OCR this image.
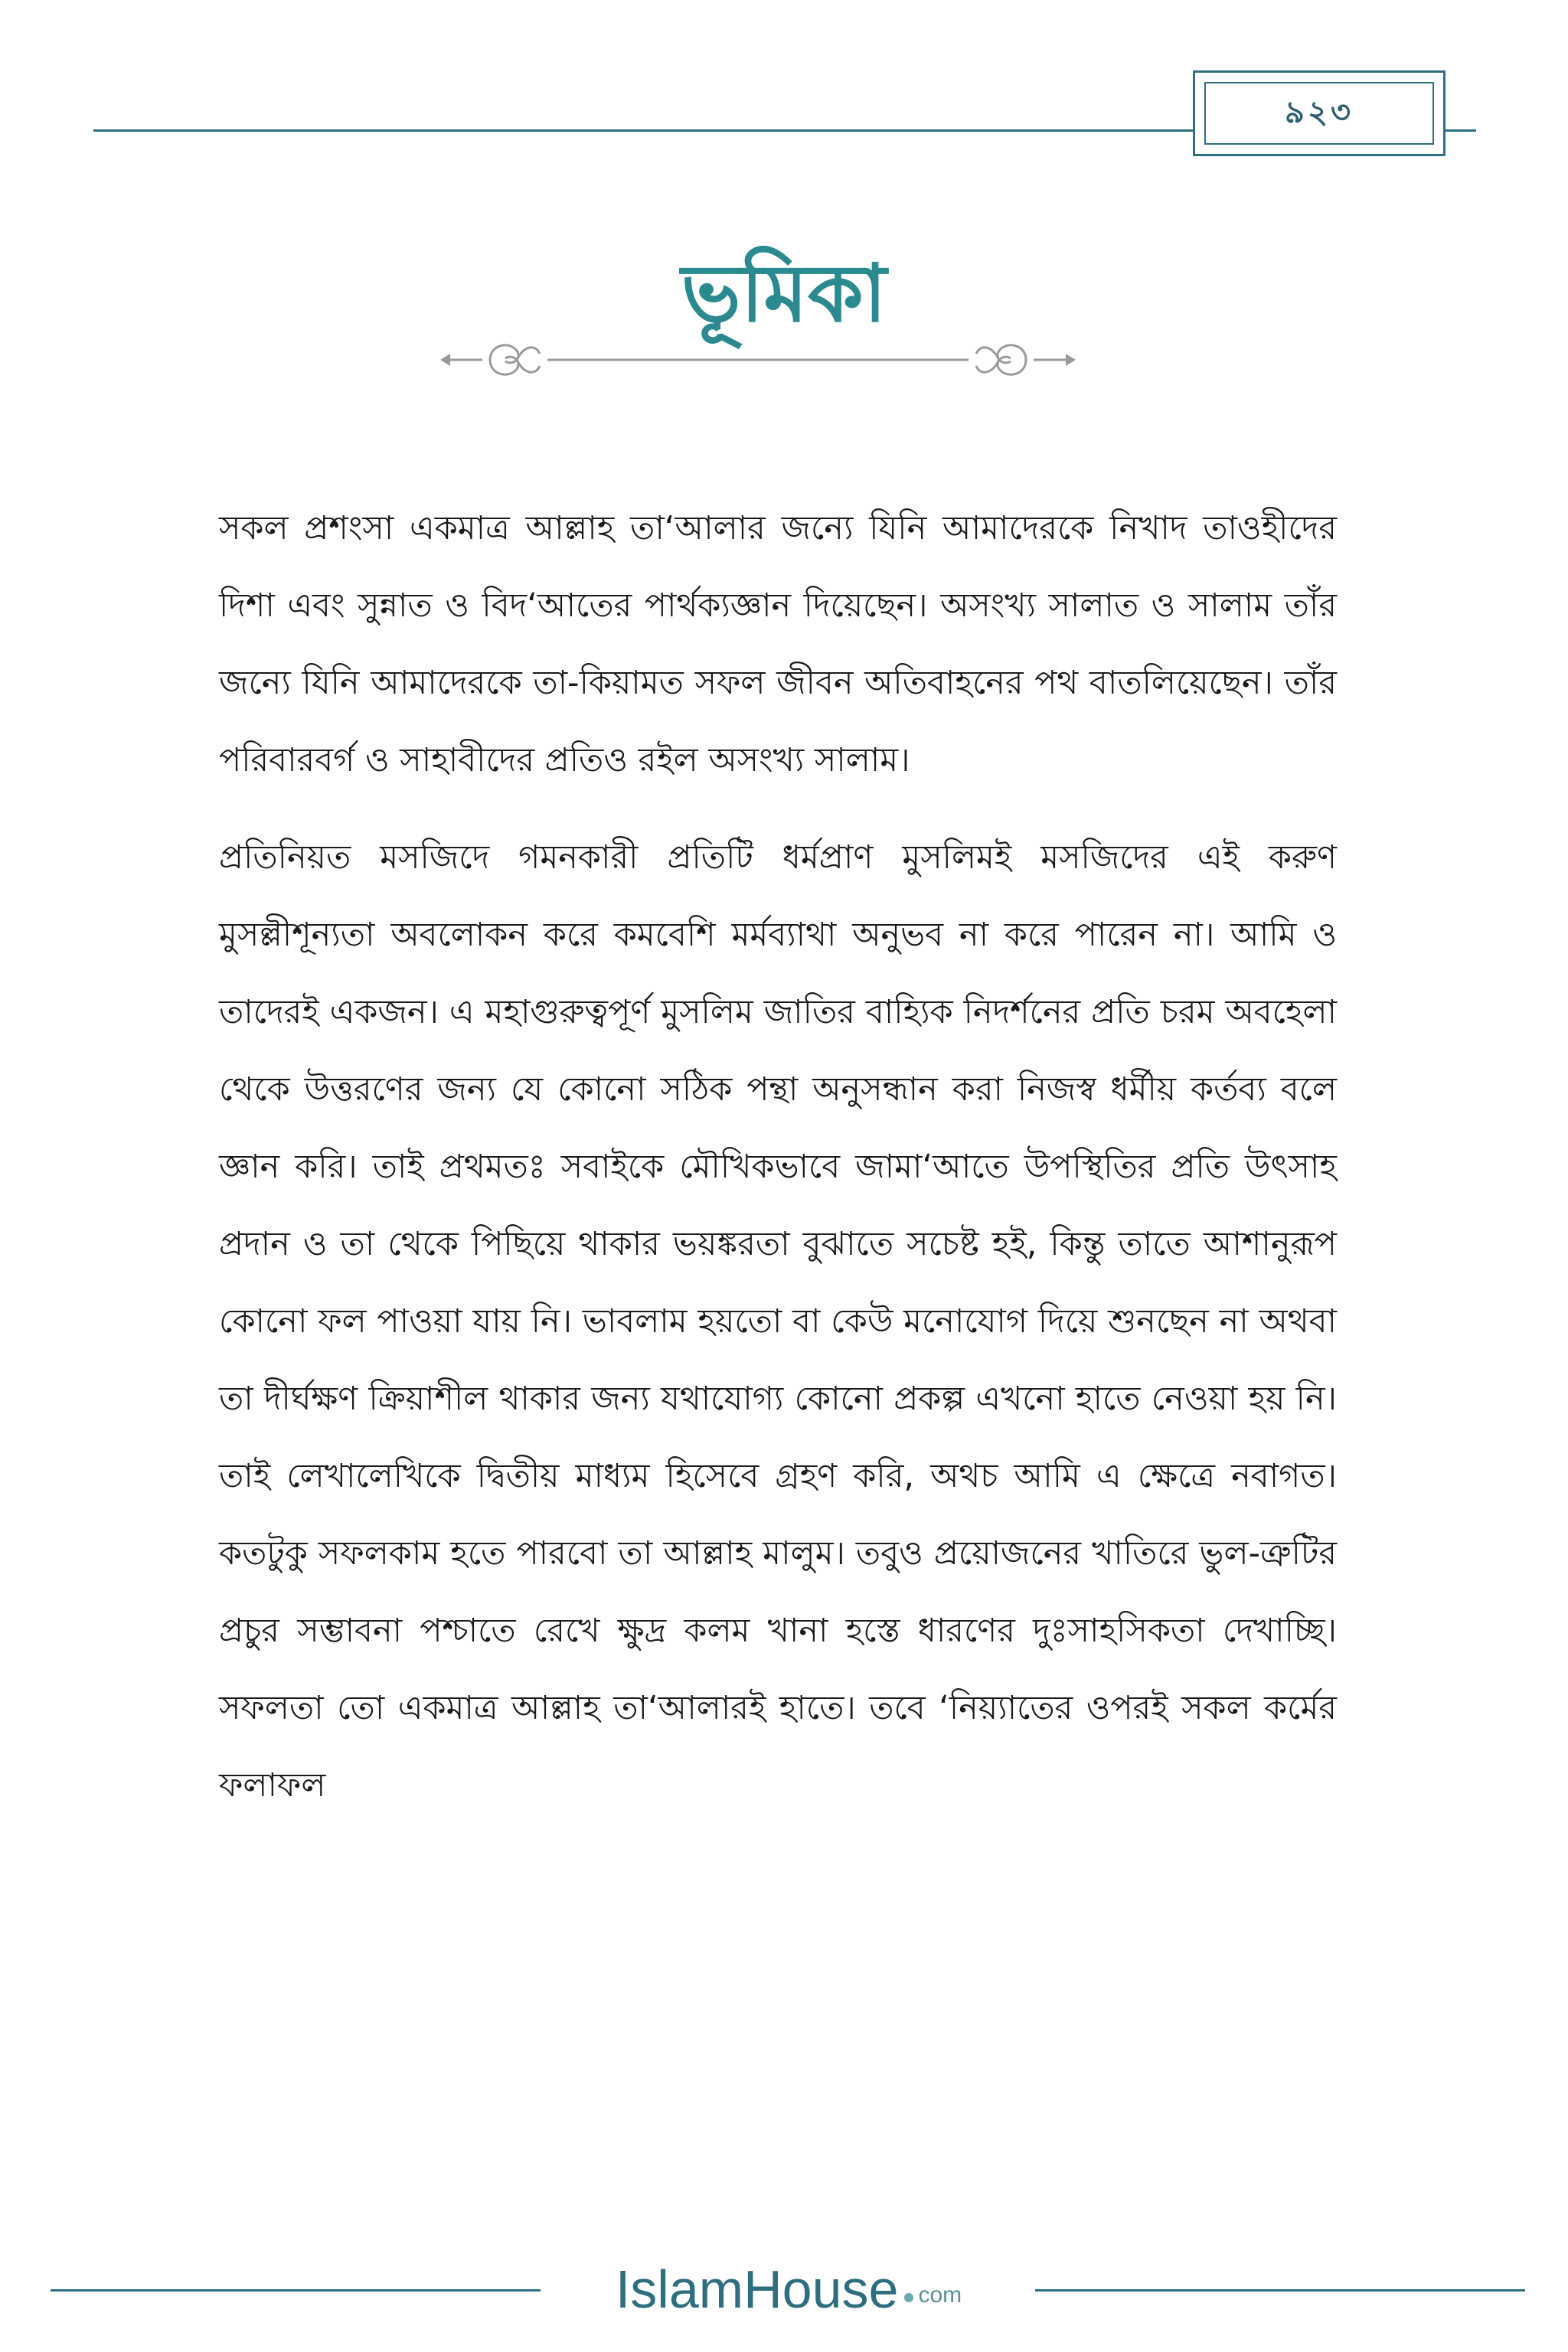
৯২৩
ভূমিকা

সকল প্রশংসা একমাত্র আল্লাহ তা‘আলার জন্যে যিনি আমাদেরকে নিখাদ তাওহীদের দিশা এবং সুন্নাত ও বিদ‘আতের পার্থক্যজ্ঞান দিয়েছেন। অসংখ্য সালাত ও সালাম তাঁর জন্যে যিনি আমাদেরকে তা-কিয়ামত সফল জীবন অতিবাহনের পথ বাতলিয়েছেন। তাঁর পরিবারবর্গ ও সাহাবীদের প্রতিও রইল অসংখ্য সালাম।

প্রতিনিয়ত মসজিদে গমনকারী প্রতিটি ধর্মপ্রাণ মুসলিমই মসজিদের এই করুণ মুসল্লীশূন্যতা অবলোকন করে কমবেশি মর্মব্যাথা অনুভব না করে পারেন না। আমি ও তাদেরই একজন। এ মহাগুরুত্বপূর্ণ মুসলিম জাতির বাহ্যিক নিদর্শনের প্রতি চরম অবহেলা থেকে উত্তরণের জন্য যে কোনো সঠিক পন্থা অনুসন্ধান করা নিজস্ব ধর্মীয় কর্তব্য বলে জ্ঞান করি। তাই প্রথমতঃ সবাইকে মৌখিকভাবে জামা‘আতে উপস্থিতির প্রতি উৎসাহ প্রদান ও তা থেকে পিছিয়ে থাকার ভয়ঙ্করতা বুঝাতে সচেষ্ট হই, কিন্তু তাতে আশানুরূপ কোনো ফল পাওয়া যায় নি। ভাবলাম হয়তো বা কেউ মনোযোগ দিয়ে শুনছেন না অথবা তা দীর্ঘক্ষণ ক্রিয়াশীল থাকার জন্য যথাযোগ্য কোনো প্রকল্প এখনো হাতে নেওয়া হয় নি। তাই লেখালেখিকে দ্বিতীয় মাধ্যম হিসেবে গ্রহণ করি, অথচ আমি এ ক্ষেত্রে নবাগত। কতটুকু সফলকাম হতে পারবো তা আল্লাহ মালুম। তবুও প্রয়োজনের খাতিরে ভুল-ত্রুটির প্রচুর সম্ভাবনা পশ্চাতে রেখে ক্ষুদ্র কলম খানা হস্তে ধারণের দুঃসাহসিকতা দেখাচ্ছি। সফলতা তো একমাত্র আল্লাহ তা‘আলারই হাতে। তবে ‘নিয়্যাতের ওপরই সকল কর্মের ফলাফল

IslamHouse com
